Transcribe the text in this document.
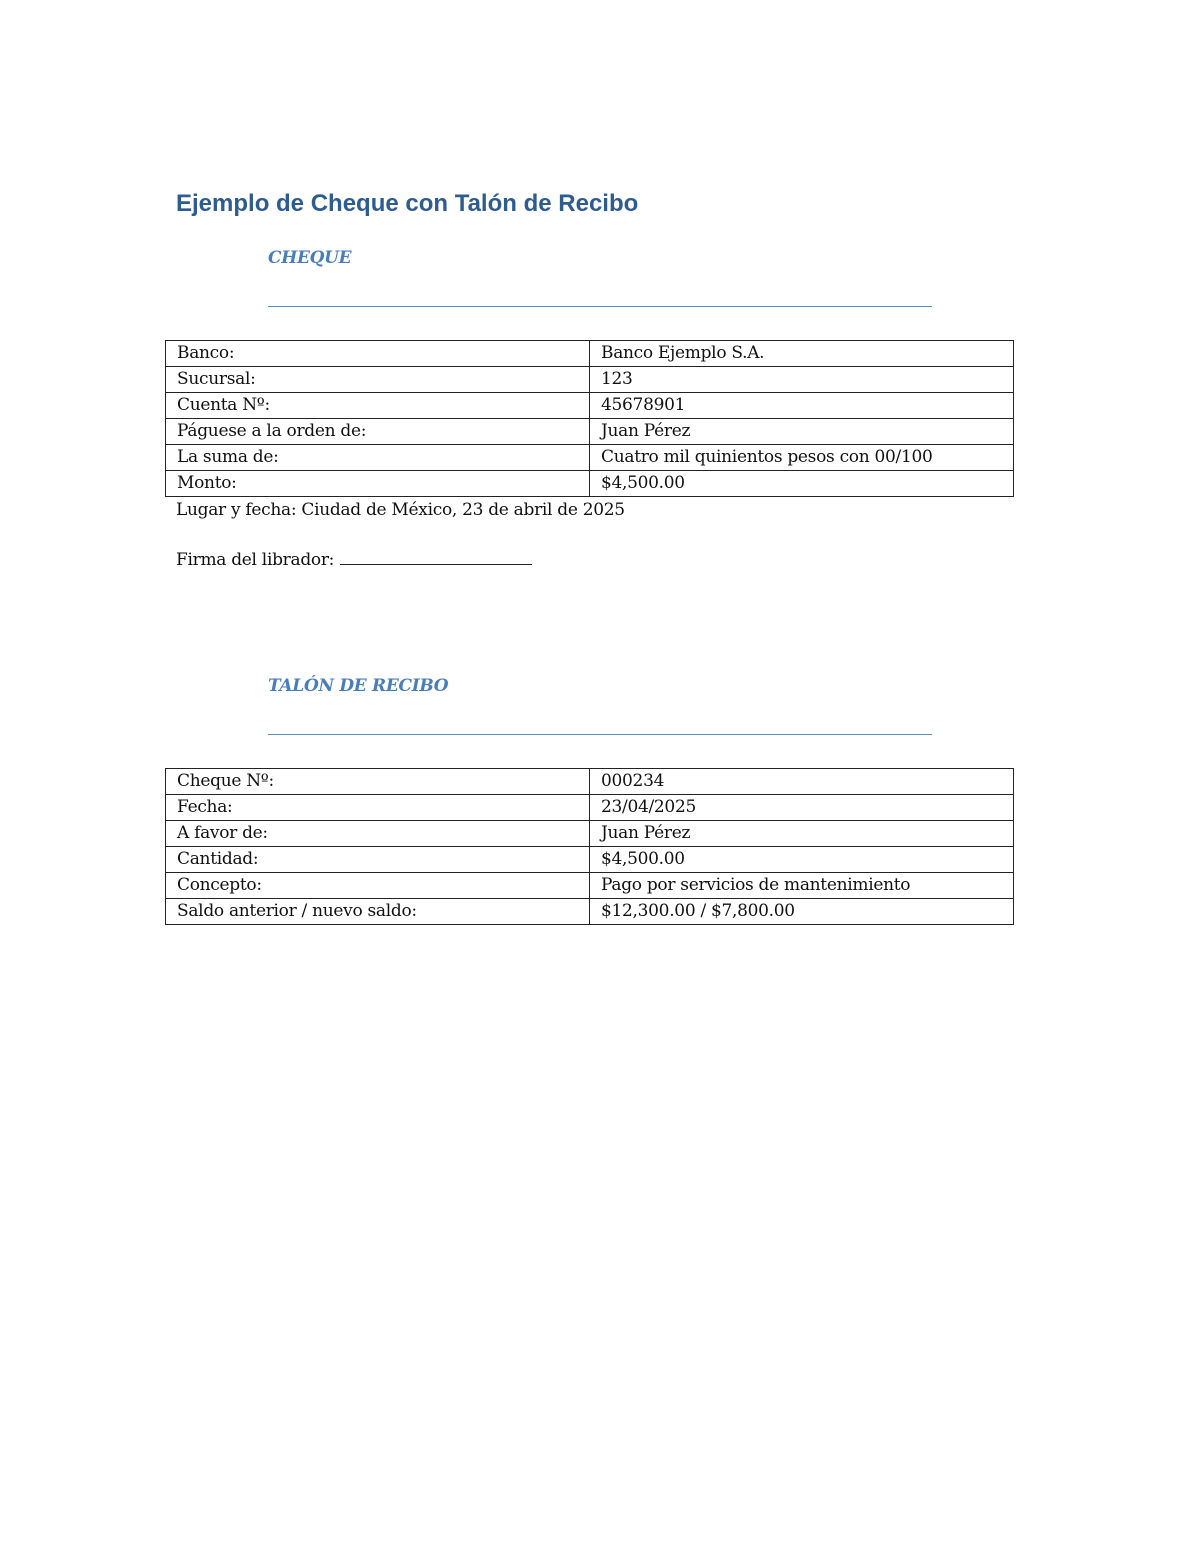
Ejemplo de Cheque con Talón de Recibo
CHEQUE
Banco:	Banco Ejemplo S.A.
Sucursal:	123
Cuenta Nº:	45678901
Páguese a la orden de:	Juan Pérez
La suma de:	Cuatro mil quinientos pesos con 00/100
Monto:	$4,500.00
Lugar y fecha: Ciudad de México, 23 de abril de 2025
Firma del librador:
TALÓN DE RECIBO
Cheque Nº:	000234
Fecha:	23/04/2025
A favor de:	Juan Pérez
Cantidad:	$4,500.00
Concepto:	Pago por servicios de mantenimiento
Saldo anterior / nuevo saldo:	$12,300.00 / $7,800.00
